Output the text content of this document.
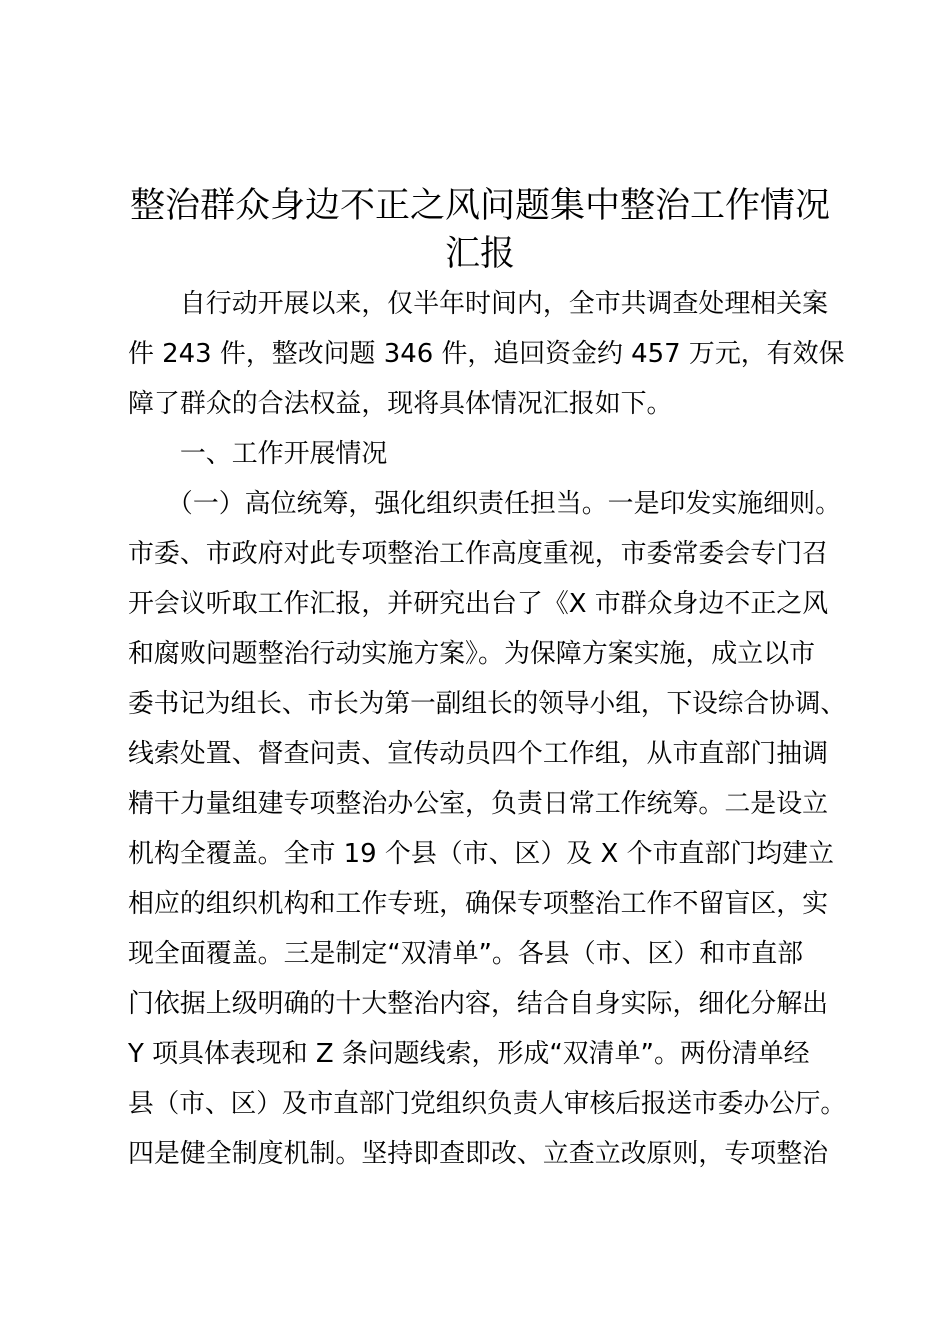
整治群众身边不正之风问题集中整治工作情况
汇报
　　自行动开展以来，仅半年时间内，全市共调查处理相关案
件 243 件，整改问题 346 件，追回资金约 457 万元，有效保
障了群众的合法权益，现将具体情况汇报如下。
　　一、工作开展情况
　　（一）高位统筹，强化组织责任担当。一是印发实施细则。
市委、市政府对此专项整治工作高度重视，市委常委会专门召
开会议听取工作汇报，并研究出台了《X 市群众身边不正之风
和腐败问题整治行动实施方案》。为保障方案实施，成立以市
委书记为组长、市长为第一副组长的领导小组，下设综合协调、
线索处置、督查问责、宣传动员四个工作组，从市直部门抽调
精干力量组建专项整治办公室，负责日常工作统筹。二是设立
机构全覆盖。全市 19 个县（市、区）及 X 个市直部门均建立
相应的组织机构和工作专班，确保专项整治工作不留盲区，实
现全面覆盖。三是制定“双清单”。各县（市、区）和市直部
门依据上级明确的十大整治内容，结合自身实际，细化分解出
Y 项具体表现和 Z 条问题线索，形成“双清单”。两份清单经
县（市、区）及市直部门党组织负责人审核后报送市委办公厅。
四是健全制度机制。坚持即查即改、立查立改原则，专项整治
